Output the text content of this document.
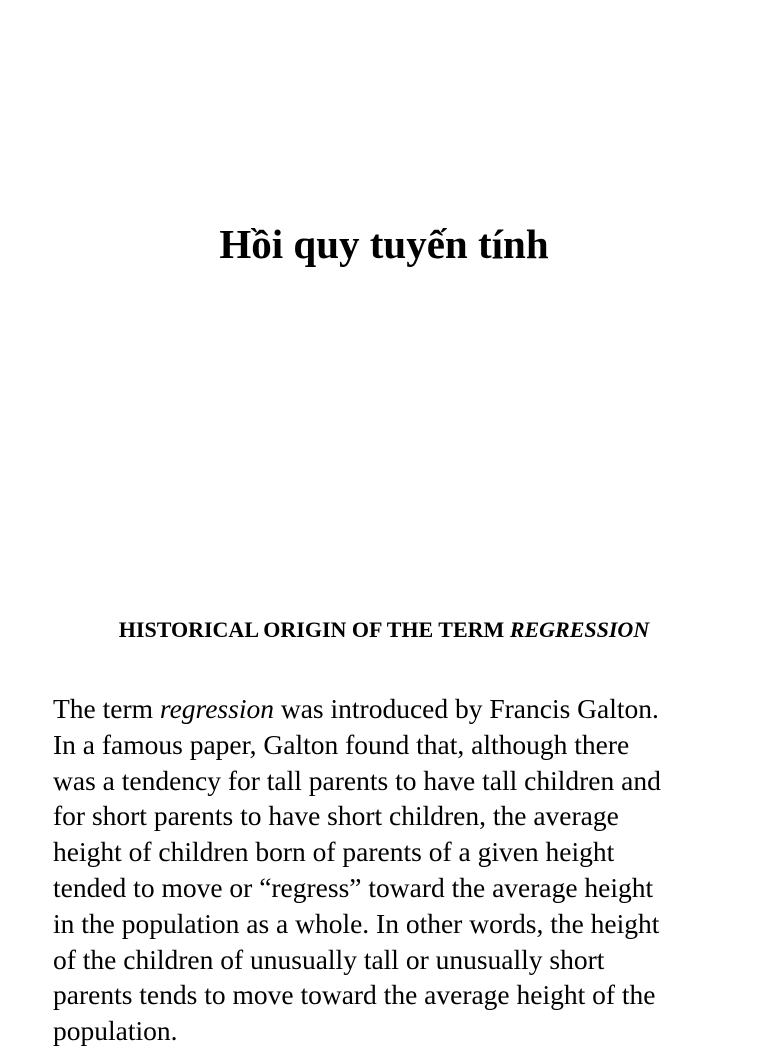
Hồi quy tuyến tính
HISTORICAL ORIGIN OF THE TERM REGRESSION

The term regression was introduced by Francis Galton.
In a famous paper, Galton found that, although there
was a tendency for tall parents to have tall children and
for short parents to have short children, the average
height of children born of parents of a given height
tended to move or “regress” toward the average height
in the population as a whole. In other words, the height
of the children of unusually tall or unusually short
parents tends to move toward the average height of the
population.
